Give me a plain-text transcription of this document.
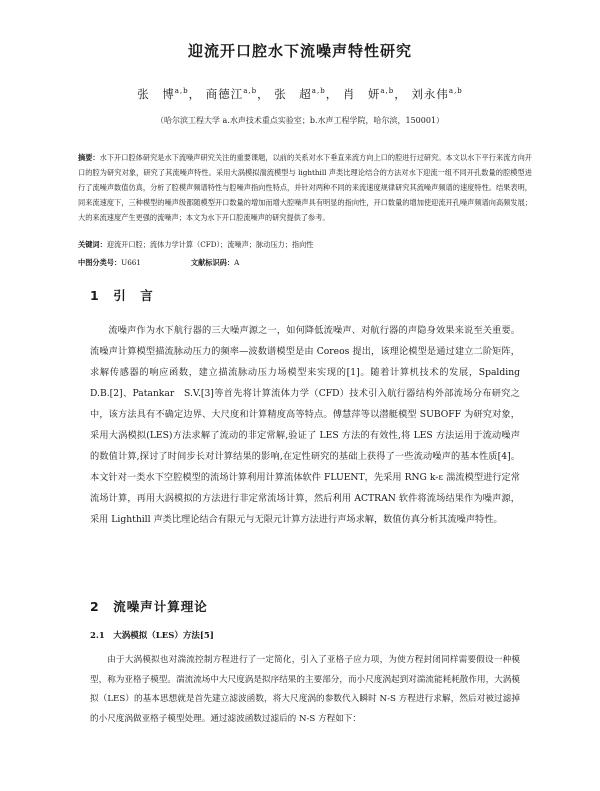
迎流开口腔水下流噪声特性研究
张　博$^{a,b}$， 商德江$^{a,b}$， 张　超$^{a,b}$， 肖　妍$^{a,b}$， 刘永伟$^{a,b}$
（哈尔滨工程大学 a.水声技术重点实验室；b.水声工程学院，哈尔滨，150001）
摘要：水下开口腔体研究是水下流噪声研究关注的重要课题，以前的关系对水下垂直来流方向上口的腔进行过研究。本文以水下平行来流方向开口的腔为研究对象，研究了其流噪声特性。采用大涡模拟湍流模型与 lighthill 声类比理论结合的方法对水下迎流一组不同开孔数量的腔模型进行了流噪声数值仿真，分析了腔模声频谱特性与腔噪声指向性特点，并针对两种不同的来流速度规律研究其流噪声频谱的速度特性。结果表明，同来流速度下，三种模型的噪声级都随模型开口数量的增加而增大腔噪声具有明显的指向性，开口数量的增加使迎流开孔噪声频谱向高频发展；大的来流速度产生更强的流噪声；本文为水下开口腔流噪声的研究提供了参考。
关键词：迎流开口腔；流体力学计算（CFD）；流噪声；脉动压力；指向性
中图分类号：U661	文献标识码：A
1　引　言
流噪声作为水下航行器的三大噪声源之一，如何降低流噪声、对航行器的声隐身效果来说至关重要。流噪声计算模型描流脉动压力的频率—波数谱模型是由 Coreos 提出，该理论模型是通过建立二阶矩阵，求解传感器的响应函数，建立描流脉动压力场模型来实现的[1]。随着计算机技术的发展，Spalding　D.B.[2]、Patankar　S.V.[3]等首先将计算流体力学（CFD）技术引入航行器结构外部流场分布研究之中，该方法具有不确定边界、大尺度和计算精度高等特点。傅慧萍等以潜艇模型 SUBOFF 为研究对象，采用大涡模拟(LES)方法求解了流动的非定常解,验证了 LES 方法的有效性,将 LES 方法运用于流动噪声的数值计算,探讨了时间步长对计算结果的影响,在定性研究的基础上获得了一些流动噪声的基本性质[4]。本文针对一类水下空腔模型的流场计算利用计算流体软件 FLUENT，先采用 RNG k-ε 湍流模型进行定常流场计算，再用大涡模拟的方法进行非定常流场计算，然后利用 ACTRAN 软件将流场结果作为噪声源，采用 Lighthill 声类比理论结合有限元与无限元计算方法进行声场求解，数值仿真分析其流噪声特性。
2　流噪声计算理论
2.1　大涡模拟（LES）方法[5]
由于大涡模拟也对湍流控制方程进行了一定简化，引入了亚格子应力项，为使方程封闭同样需要假设一种模型，称为亚格子模型。湍流流场中大尺度涡是拟序结果的主要部分，而小尺度涡起到对湍流能耗耗散作用，大涡模拟（LES）的基本思想就是首先建立滤波函数，将大尺度涡的参数代入瞬时 N-S 方程进行求解，然后对被过滤掉的小尺度涡做亚格子模型处理。通过滤波函数过滤后的 N-S 方程如下：
